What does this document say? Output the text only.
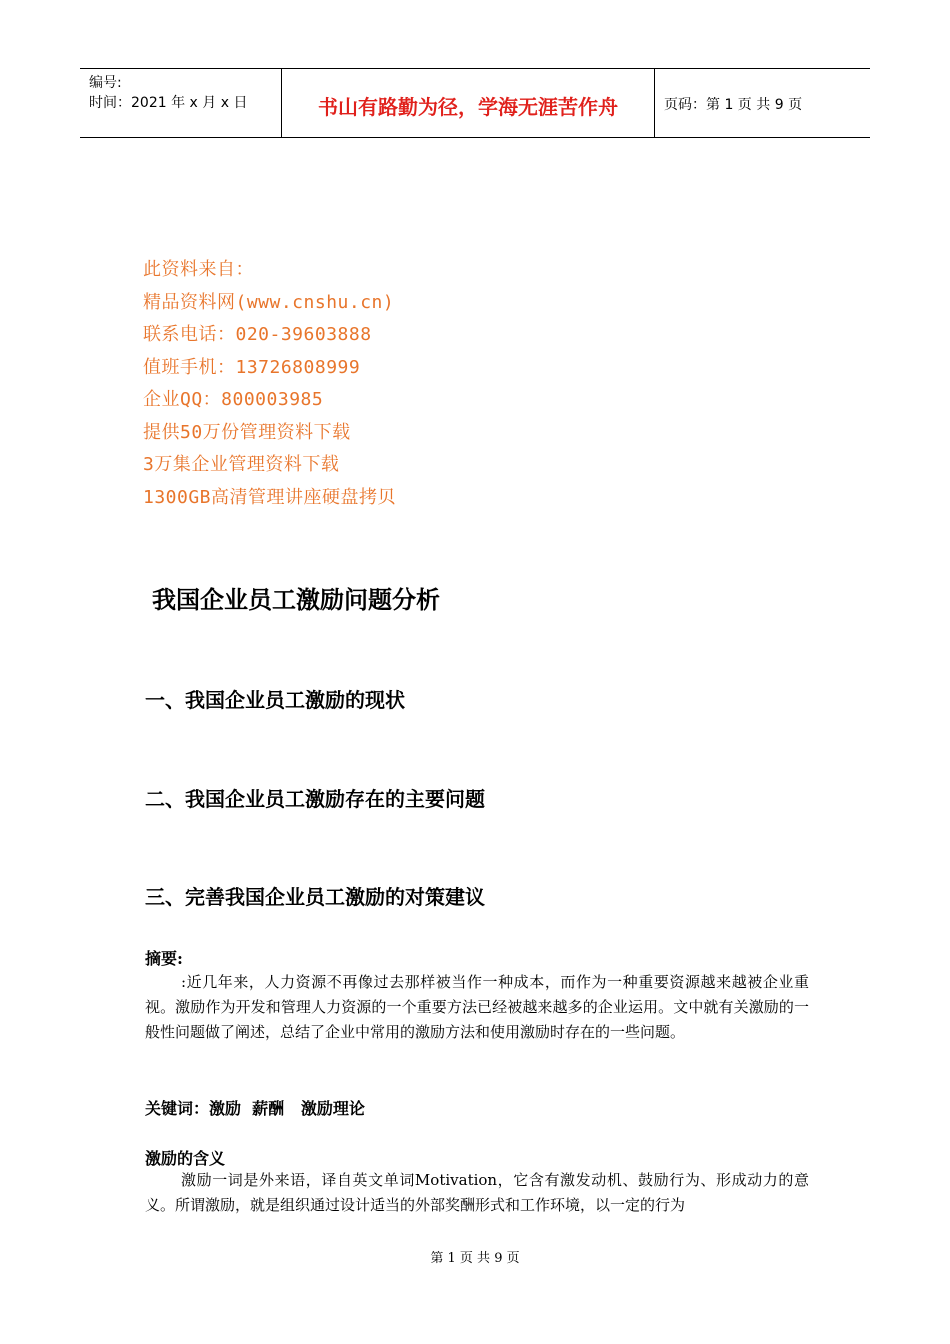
编号:
时间：2021 年 x 月 x 日	书山有路勤为径，学海无涯苦作舟	页码：第 1 页 共 9 页
此资料来自：
精品资料网(www.cnshu.cn)
联系电话：020-39603888
值班手机：13726808999
企业QQ：800003985
提供50万份管理资料下载
3万集企业管理资料下载
1300GB高清管理讲座硬盘拷贝
我国企业员工激励问题分析
一、我国企业员工激励的现状
二、我国企业员工激励存在的主要问题
三、完善我国企业员工激励的对策建议
摘要:
:近几年来，人力资源不再像过去那样被当作一种成本，而作为一种重要资源越来越被企业重视。激励作为开发和管理人力资源的一个重要方法已经被越来越多的企业运用。文中就有关激励的一般性问题做了阐述，总结了企业中常用的激励方法和使用激励时存在的一些问题。
关键词：激励  薪酬   激励理论
激励的含义
激励一词是外来语，译自英文单词Motivation，它含有激发动机、鼓励行为、形成动力的意义。所谓激励，就是组织通过设计适当的外部奖酬形式和工作环境，以一定的行为
第 1 页 共 9 页
